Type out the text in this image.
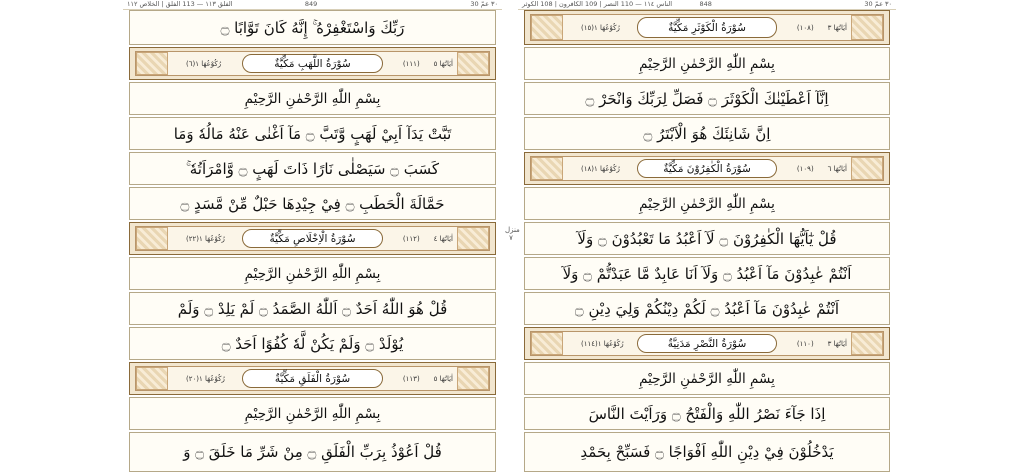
الفلق ١١٣ — 113 الفلق | الخلاص ١١٢	849	٣٠ عمّ 30
رَبِّكَ وَاسْتَغْفِرْهُ ۚ إِنَّهُ كَانَ تَوَّابًا ۝
اٰيَاتُهَا ٥
(١١١)
رُكُوْعُهَا ١
(٦)	سُوْرَةُ اللَّهَبِ مَكِّيَّةٌ
بِسْمِ اللّٰهِ الرَّحْمٰنِ الرَّحِيْمِ
تَبَّتْ يَدَآ اَبِيْ لَهَبٍ وَّتَبَّ ۝ مَآ اَغْنٰى عَنْهُ مَالُهٗ وَمَا
كَسَبَ ۝ سَيَصْلٰى نَارًا ذَاتَ لَهَبٍ ۝ وَّامْرَاَتُهٗ ۚ
حَمَّالَةَ الْحَطَبِ ۝ فِيْ جِيْدِهَا حَبْلٌ مِّنْ مَّسَدٍ ۝
اٰيَاتُهَا ٤
(١١٢)
رُكُوْعُهَا ١
(٢٢)	سُوْرَةُ الْاِخْلَاصِ مَكِّيَّةٌ
بِسْمِ اللّٰهِ الرَّحْمٰنِ الرَّحِيْمِ
قُلْ هُوَ اللّٰهُ اَحَدٌ ۝ اَللّٰهُ الصَّمَدُ ۝ لَمْ يَلِدْ ۝ وَلَمْ
يُوْلَدْ ۝ وَلَمْ يَكُنْ لَّهٗ كُفُوًا اَحَدٌ ۝
اٰيَاتُهَا ٥
(١١٣)
رُكُوْعُهَا ١
(٢٠)	سُوْرَةُ الْفَلَقِ مَكِّيَّةٌ
بِسْمِ اللّٰهِ الرَّحْمٰنِ الرَّحِيْمِ
قُلْ اَعُوْذُ بِرَبِّ الْفَلَقِ ۝ مِنْ شَرِّ مَا خَلَقَ ۝ وَ
منزل ٧
الناس ١١٤ — 110 النصر | 109 الكافرون | 108 الكوثر	848	٣٠ عمّ 30
اٰيَاتُهَا ٣
(١٠٨)
رُكُوْعُهَا ١
(١٥)	سُوْرَةُ الْكَوْثَرِ مَكِّيَّةٌ
بِسْمِ اللّٰهِ الرَّحْمٰنِ الرَّحِيْمِ
اِنَّآ اَعْطَيْنٰكَ الْكَوْثَرَ ۝ فَصَلِّ لِرَبِّكَ وَانْحَرْ ۝
اِنَّ شَانِئَكَ هُوَ الْاَبْتَرُ ۝
اٰيَاتُهَا ٦
(١٠٩)
رُكُوْعُهَا ١
(١٨)	سُوْرَةُ الْكٰفِرُوْنَ مَكِّيَّةٌ
بِسْمِ اللّٰهِ الرَّحْمٰنِ الرَّحِيْمِ
قُلْ يٰٓاَيُّهَا الْكٰفِرُوْنَ ۝ لَآ اَعْبُدُ مَا تَعْبُدُوْنَ ۝ وَلَآ
اَنْتُمْ عٰبِدُوْنَ مَآ اَعْبُدُ ۝ وَلَآ اَنَا عَابِدٌ مَّا عَبَدْتُّمْ ۝ وَلَآ
اَنْتُمْ عٰبِدُوْنَ مَآ اَعْبُدُ ۝ لَكُمْ دِيْنُكُمْ وَلِيَ دِيْنِ ۝
اٰيَاتُهَا ٣
(١١٠)
رُكُوْعُهَا ١
(١١٤)	سُوْرَةُ النَّصْرِ مَدَنِيَّةٌ
بِسْمِ اللّٰهِ الرَّحْمٰنِ الرَّحِيْمِ
اِذَا جَآءَ نَصْرُ اللّٰهِ وَالْفَتْحُ ۝ وَرَاَيْتَ النَّاسَ
يَدْخُلُوْنَ فِيْ دِيْنِ اللّٰهِ اَفْوَاجًا ۝ فَسَبِّحْ بِحَمْدِ
